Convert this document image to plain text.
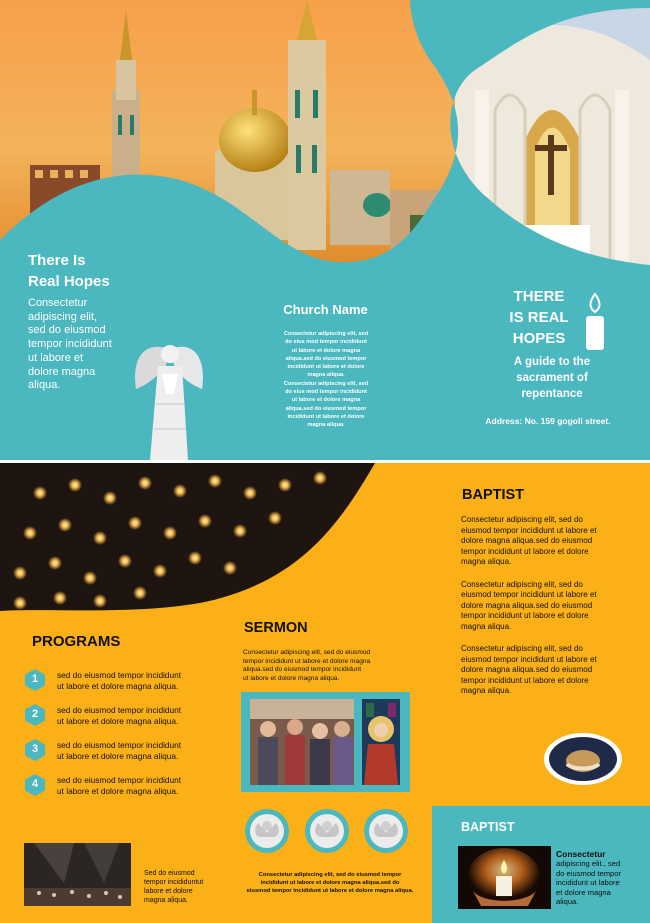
There Is
Real Hopes
Consectetur
adipiscing elit,
sed do eiusmod
tempor incididunt
ut labore et
dolore magna
aliqua.
Church Name
Consectetur adipiscing elit, sed
do eius mod tempor incididunt
ut labore et dolore magna
aliqua.sed do eiusmod tempor
incididunt ut labore et dolore
magna aliqua.
Consectetur adipiscing elit, sed
do eius mod tempor incididunt
ut labore et dolore magna
aliqua.sed do eiusmod tempor
incididunt ut labore et dolore
magna aliqua.
THERE
IS REAL
HOPES
A guide to the
sacrament of
repentance
Address: No. 159 gogoli street.
PROGRAMS
1	sed do eiusmod tempor incididunt
ut labore et dolore magna aliqua.
2	sed do eiusmod tempor incididunt
ut labore et dolore magna aliqua.
3	sed do eiusmod tempor incididunt
ut labore et dolore magna aliqua.
4	sed do eiusmod tempor incididunt
ut labore et dolore magna aliqua.
Sed do eiusmod
tempor incididuntut
labore et dolore
magna aliqua.
SERMON
Consectetur adipiscing elit, sed do eiusmod
tempor incididunt ut labore et dolore magna
aliqua.sed do eiusmod tempor incididunt
ut labore et dolore magna aliqua.
Consectetur adipiscing elit, sed do eiusmod tempor
incididunt ut labore et dolore magna aliqua.sed do
eiusmod tempor incididunt ut labore et dolore magna aliqua.
BAPTIST
Consectetur adipiscing elit, sed do
eiusmod tempor incididunt ut labore et
dolore magna aliqua.sed do eiusmod
tempor incididunt ut labore et dolore
magna aliqua.
Consectetur adipiscing elit, sed do
eiusmod tempor incididunt ut labore et
dolore magna aliqua.sed do eiusmod
tempor incididunt ut labore et dolore
magna aliqua.
Consectetur adipiscing elit, sed do
eiusmod tempor incididunt ut labore et
dolore magna aliqua.sed do eiusmod
tempor incididunt ut labore et dolore
magna aliqua.
BAPTIST
Consectetur
adipiscing elit., sed
do eiusmod tempor
incididunt ut labore
et dolore magna
aliqua.
